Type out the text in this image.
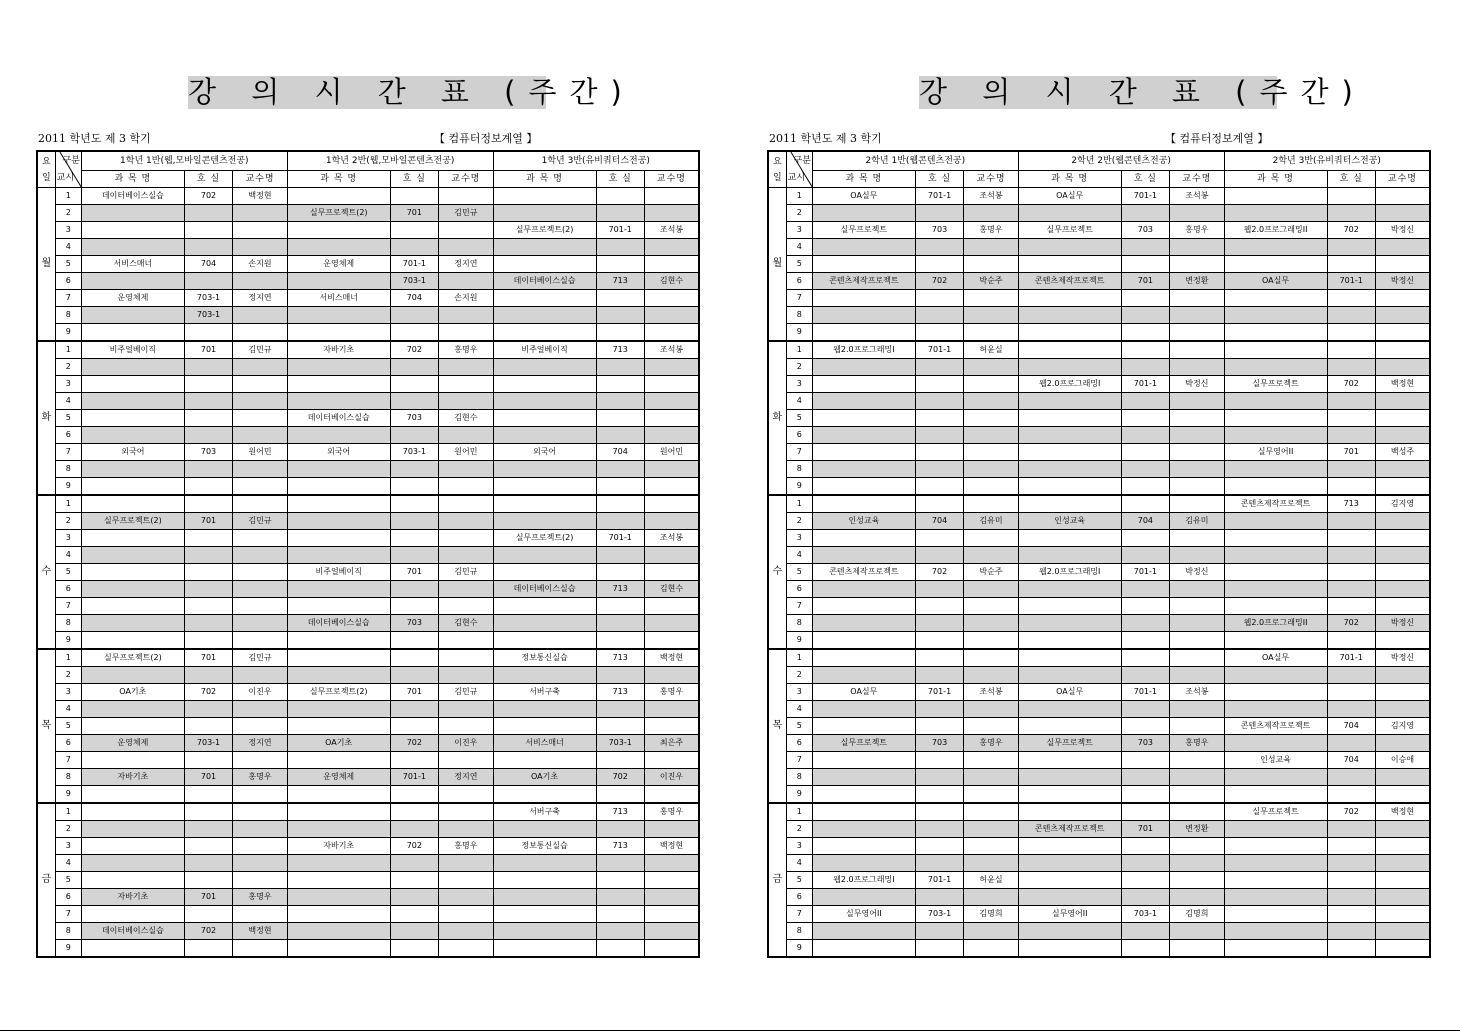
강 의 시 간 표 (주간)
2011 학년도 제 3 학기	【 컴퓨터정보계열 】
요일	구분
교시	1학년 1반(웹,모바일콘텐츠전공)			1학년 2반(웹,모바일콘텐츠전공)			1학년 3반(유비쿼터스전공)		
		과 목 명	호 실	교수명	과 목 명	호 실	교수명	과 목 명	호 실	교수명
월	1	데이터베이스실습	702	백정현						
	2				실무프로젝트(2)	701	김민규			
	3							실무프로젝트(2)	701-1	조석봉
	4									
	5	서비스매너	704	손지원	운영체제	701-1	정지연			
	6					703-1		데이터베이스실습	713	김현수
	7	운영체제	703-1	정지연	서비스매너	704	손지원			
	8		703-1							
	9									
화	1	비주얼베이직	701	김민규	자바기초	702	홍명우	비주얼베이직	713	조석봉
	2									
	3									
	4									
	5				데이터베이스실습	703	김현수			
	6									
	7	외국어	703	원어민	외국어	703-1	원어민	외국어	704	원어민
	8									
	9									
수	1									
	2	실무프로젝트(2)	701	김민규						
	3							실무프로젝트(2)	701-1	조석봉
	4									
	5				비주얼베이직	701	김민규			
	6							데이터베이스실습	713	김현수
	7									
	8				데이터베이스실습	703	김현수			
	9									
목	1	실무프로젝트(2)	701	김민규				정보통신실습	713	백정현
	2									
	3	OA기초	702	이진우	실무프로젝트(2)	701	김민규	서버구축	713	홍명우
	4									
	5									
	6	운영체제	703-1	정지연	OA기초	702	이진우	서비스매너	703-1	최은주
	7									
	8	자바기초	701	홍명우	운영체제	701-1	정지연	OA기초	702	이진우
	9									
금	1							서버구축	713	홍명우
	2									
	3				자바기초	702	홍명우	정보통신실습	713	백정현
	4									
	5									
	6	자바기초	701	홍명우						
	7									
	8	데이터베이스실습	702	백정현						
	9									
강 의 시 간 표 (주간)
2011 학년도 제 3 학기	【 컴퓨터정보계열 】
요일	구분
교시	2학년 1반(웹콘텐츠전공)			2학년 2반(웹콘텐츠전공)			2학년 3반(유비쿼터스전공)		
		과 목 명	호 실	교수명	과 목 명	호 실	교수명	과 목 명	호 실	교수명
월	1	OA실무	701-1	조석봉	OA실무	701-1	조석봉			
	2									
	3	실무프로젝트	703	홍명우	실무프로젝트	703	홍명우	웹2.0프로그래밍II	702	박정신
	4									
	5									
	6	콘텐츠제작프로젝트	702	박순주	콘텐츠제작프로젝트	701	변정환	OA실무	701-1	박정신
	7									
	8									
	9									
화	1	웹2.0프로그래밍I	701-1	허윤실						
	2									
	3				웹2.0프로그래밍I	701-1	박정신	실무프로젝트	702	백정현
	4									
	5									
	6									
	7							실무영어II	701	백성주
	8									
	9									
수	1							콘텐츠제작프로젝트	713	김지영
	2	인성교육	704	김유미	인성교육	704	김유미			
	3									
	4									
	5	콘텐츠제작프로젝트	702	박순주	웹2.0프로그래밍I	701-1	박정신			
	6									
	7									
	8							웹2.0프로그래밍II	702	박정신
	9									
목	1							OA실무	701-1	박정신
	2									
	3	OA실무	701-1	조석봉	OA실무	701-1	조석봉			
	4									
	5							콘텐츠제작프로젝트	704	김지영
	6	실무프로젝트	703	홍명우	실무프로젝트	703	홍명우			
	7							인성교육	704	이승애
	8									
	9									
금	1							실무프로젝트	702	백정현
	2				콘텐츠제작프로젝트	701	변정환			
	3									
	4									
	5	웹2.0프로그래밍I	701-1	허윤실						
	6									
	7	실무영어II	703-1	김명희	실무영어II	703-1	김명희			
	8									
	9									
